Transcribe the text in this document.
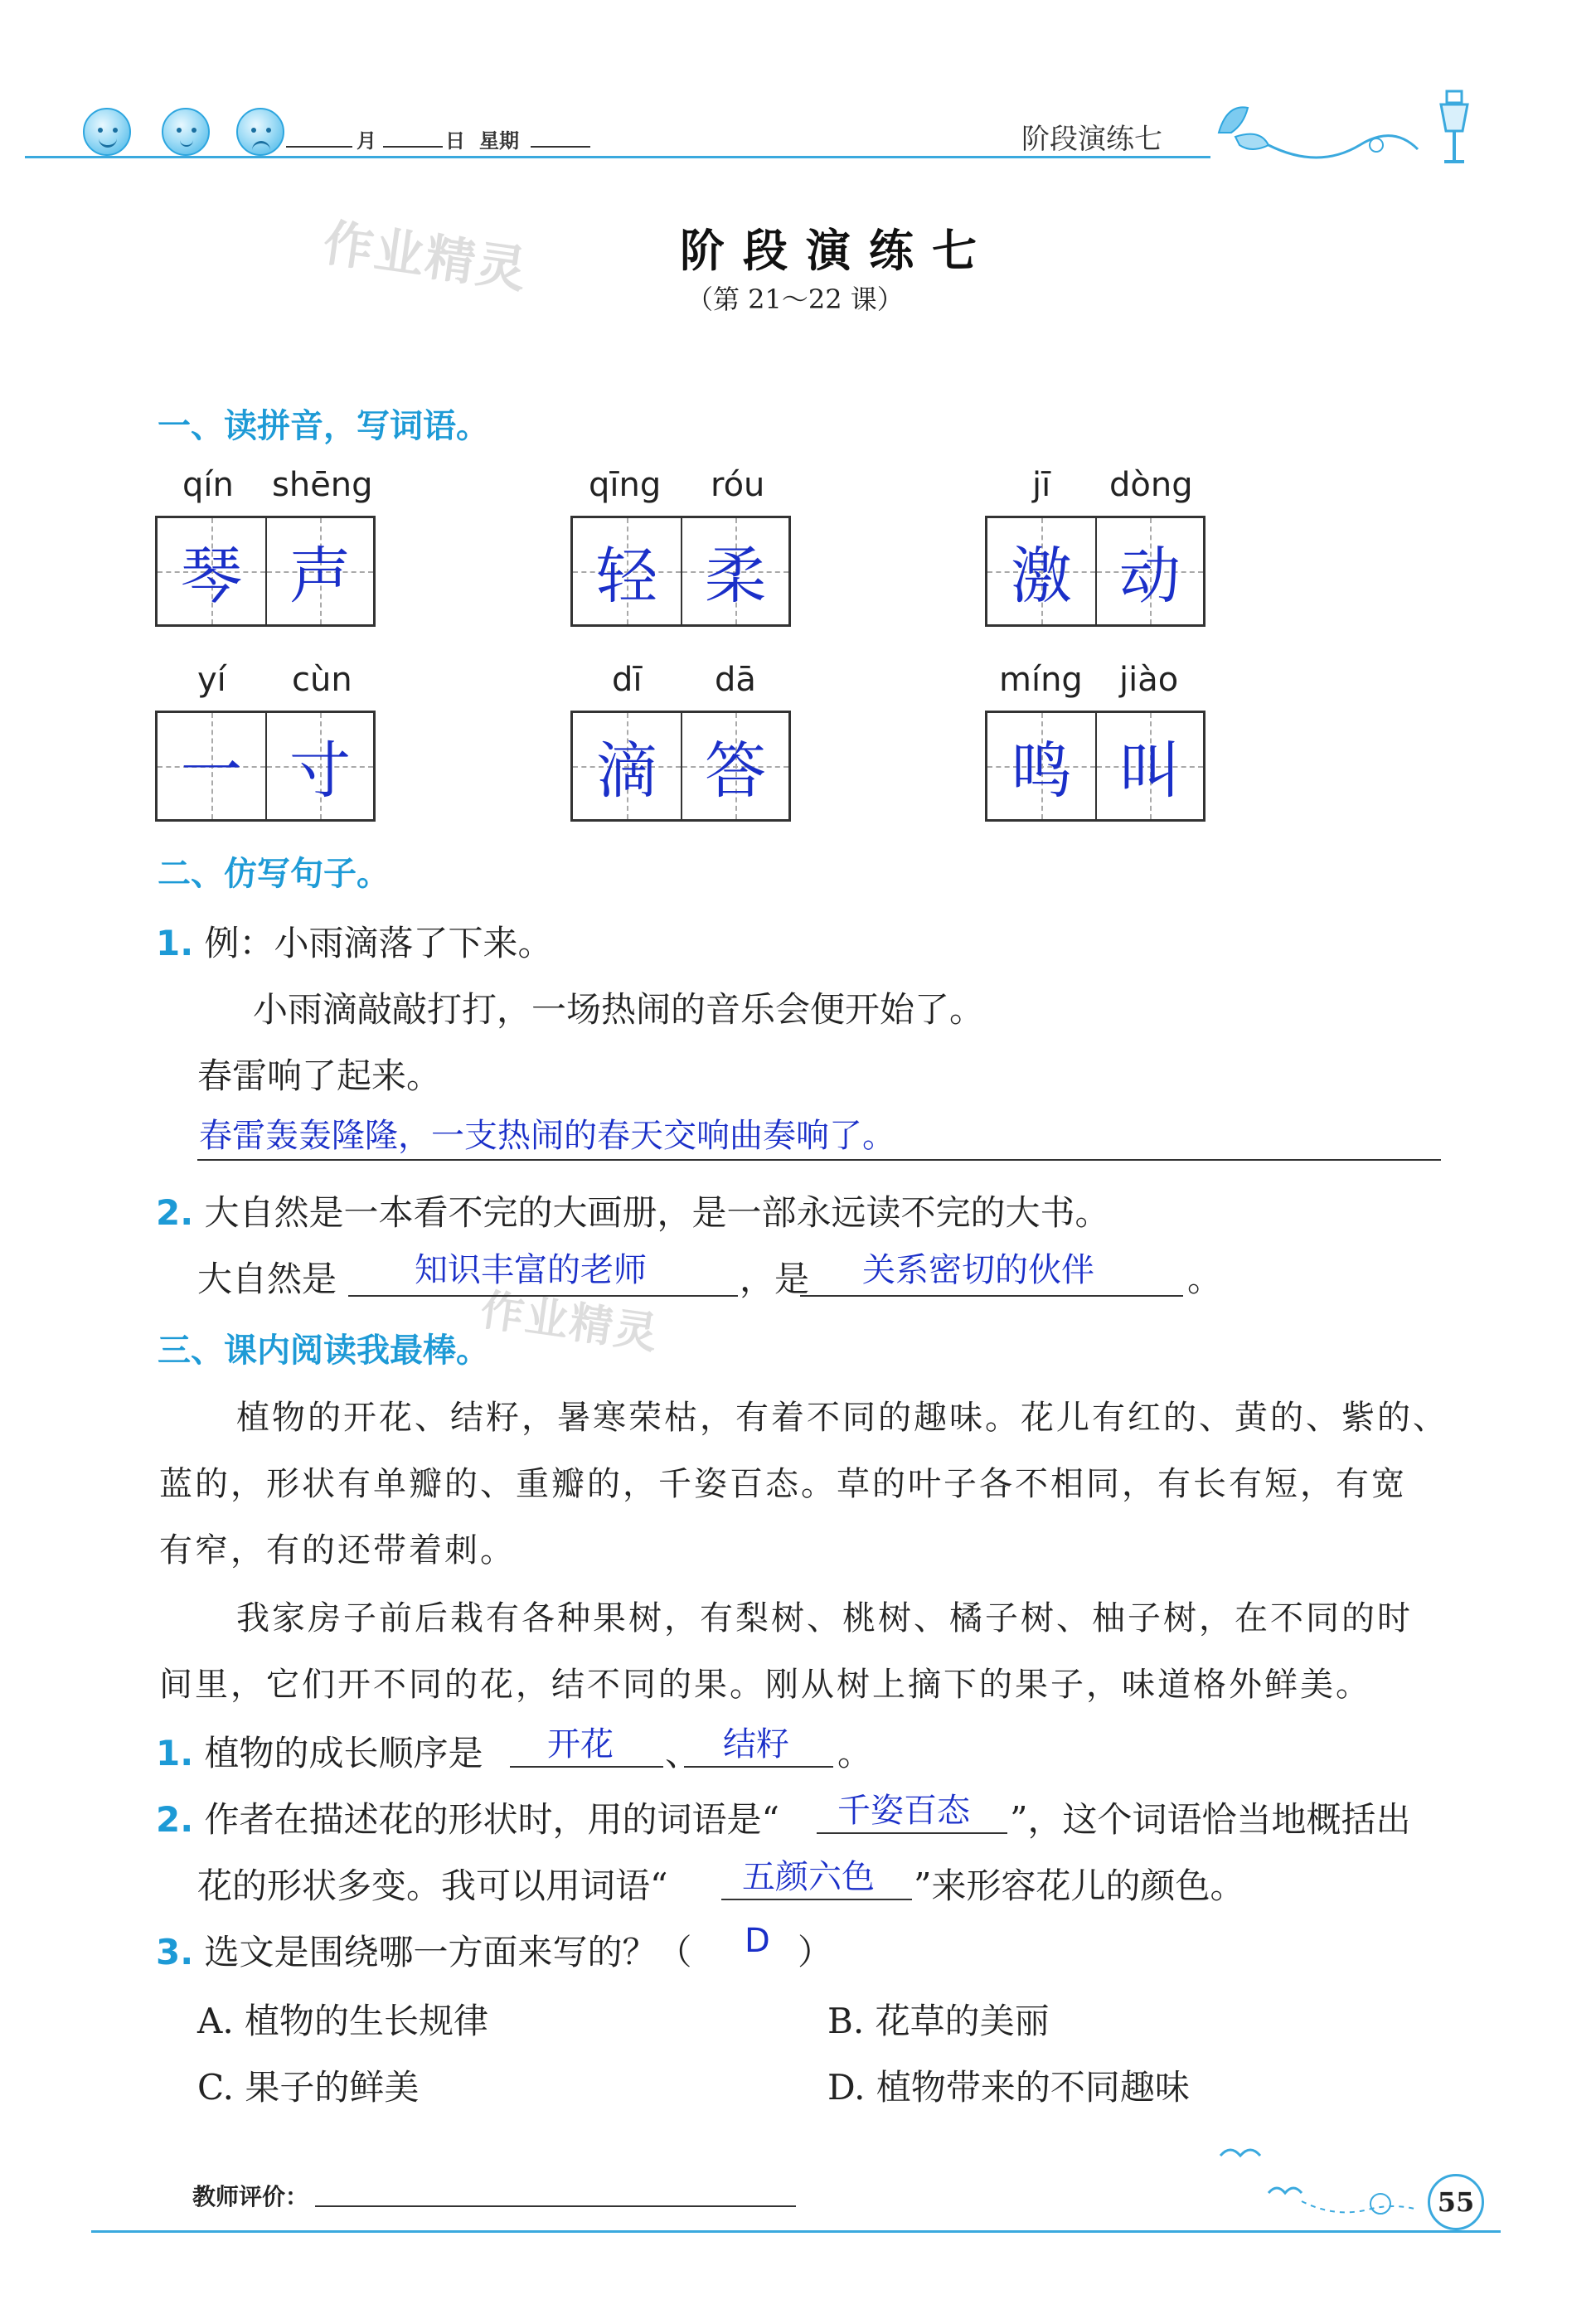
月	日 星期	阶段演练七
作业精灵
作业精灵
阶段演练七
（第 21～22 课）
一、读拼音，写词语。
qín shēng
琴 声
qīng róu
轻 柔
jī dòng
激 动
yí cùn
一 寸
dī dā
滴 答
míng jiào
鸣 叫
二、仿写句子。
1. 例：小雨滴落了下来。
小雨滴敲敲打打，一场热闹的音乐会便开始了。
春雷响了起来。
春雷轰轰隆隆，一支热闹的春天交响曲奏响了。
2. 大自然是一本看不完的大画册，是一部永远读不完的大书。
大自然是 知识丰富的老师	，是 关系密切的伙伴	。
三、课内阅读我最棒。
植物的开花、结籽，暑寒荣枯，有着不同的趣味。花儿有红的、黄的、紫的、
蓝的，形状有单瓣的、重瓣的，千姿百态。草的叶子各不相同，有长有短，有宽
有窄，有的还带着刺。
我家房子前后栽有各种果树，有梨树、桃树、橘子树、柚子树，在不同的时
间里，它们开不同的花，结不同的果。刚从树上摘下的果子，味道格外鲜美。
1. 植物的成长顺序是 开花 、 结籽 。
2. 作者在描述花的形状时，用的词语是“ 千姿百态 ”，这个词语恰当地概括出
花的形状多变。我可以用词语“ 五颜六色 ”来形容花儿的颜色。
3. 选文是围绕哪一方面来写的？（ D ）
A. 植物的生长规律	B. 花草的美丽
C. 果子的鲜美	D. 植物带来的不同趣味
教师评价：	55
